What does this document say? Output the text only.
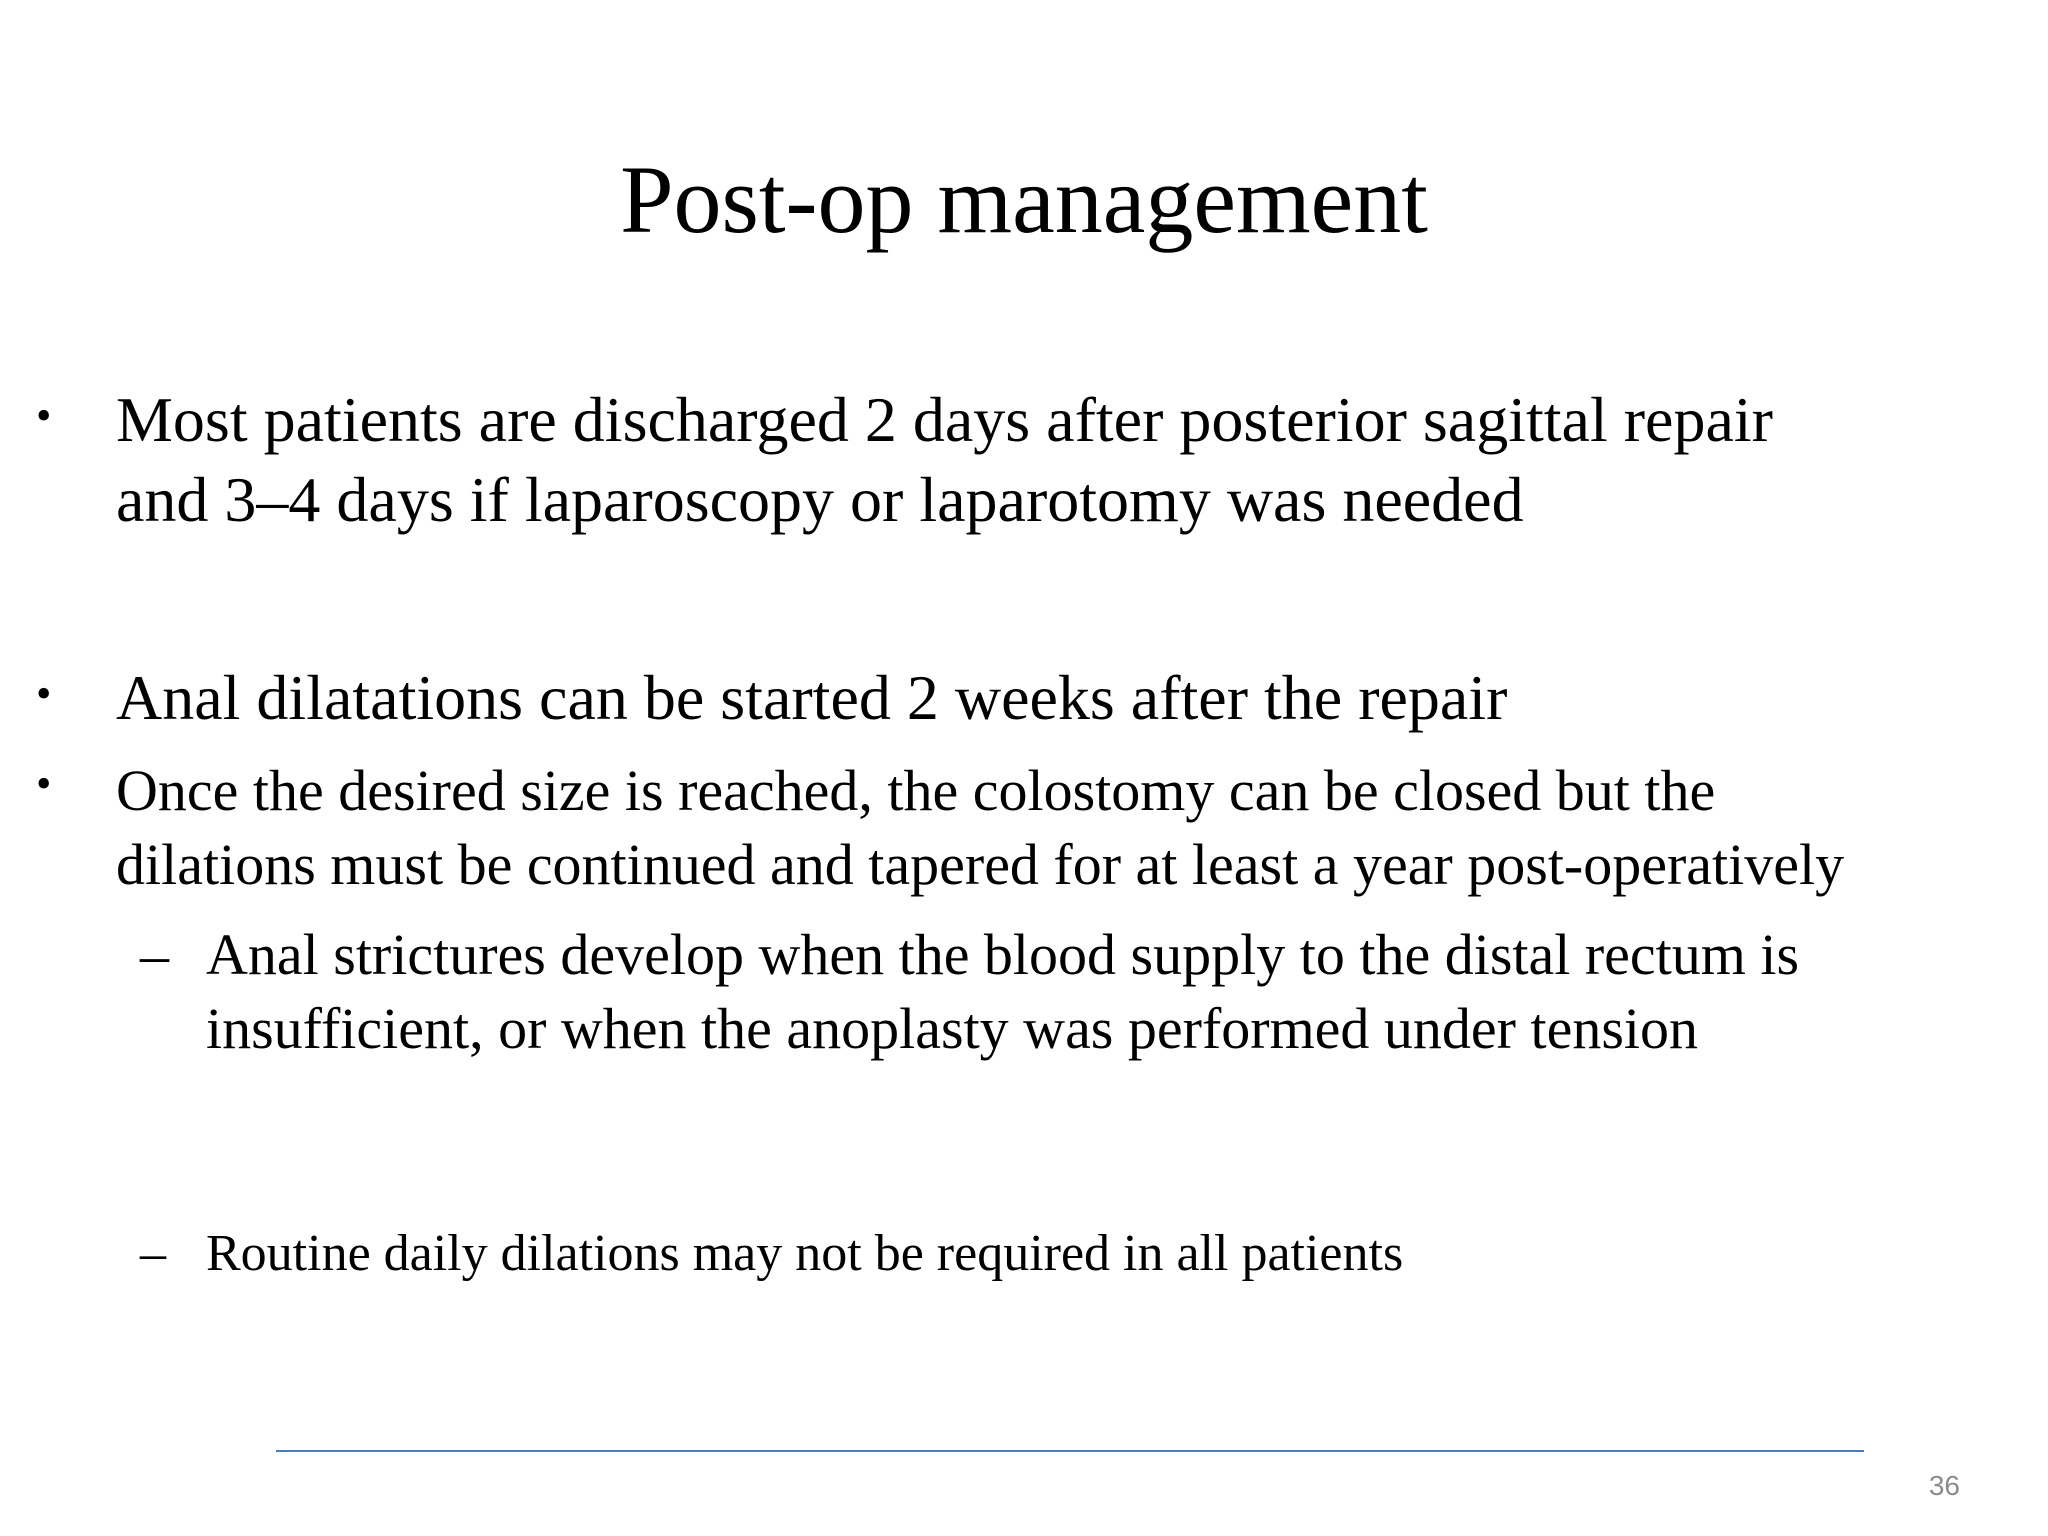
Post-op management
• Most patients are discharged 2 days after posterior sagittal repair
and 3–4 days if laparoscopy or laparotomy was needed
• Anal dilatations can be started 2 weeks after the repair
• Once the desired size is reached, the colostomy can be closed but the
dilations must be continued and tapered for at least a year post-operatively
– Anal strictures develop when the blood supply to the distal rectum is
insufficient, or when the anoplasty was performed under tension
– Routine daily dilations may not be required in all patients
36
